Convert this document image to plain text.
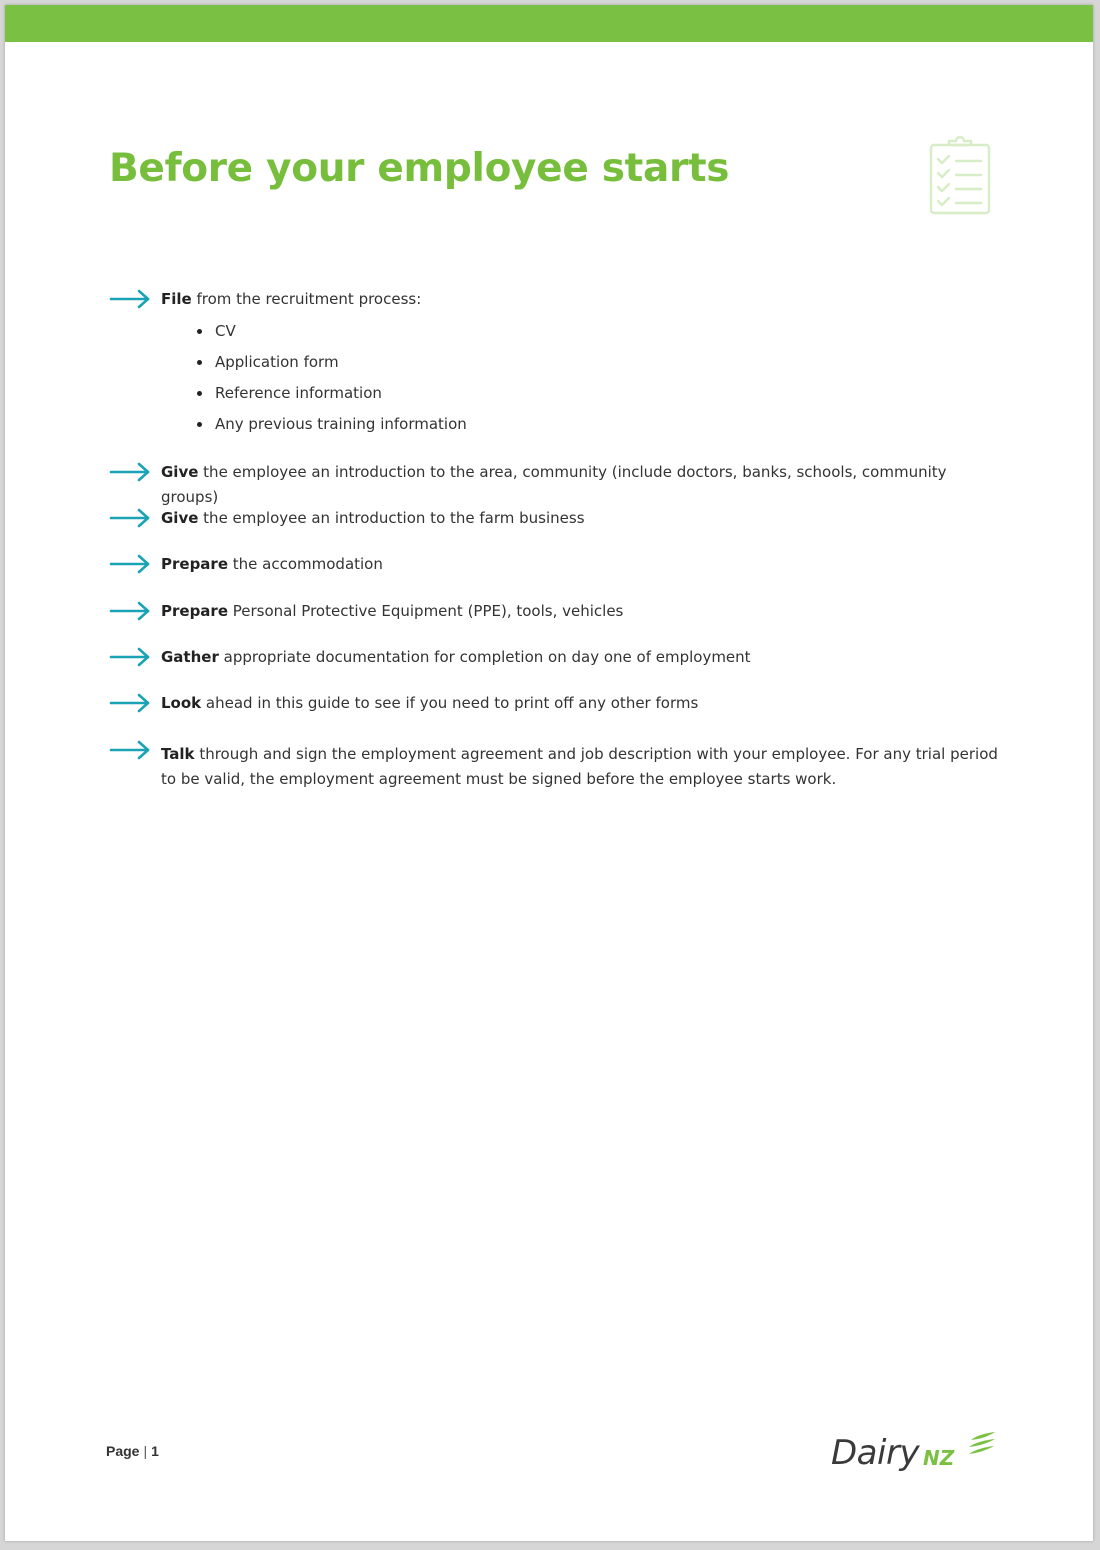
Before your employee starts
File from the recruitment process:
CV
Application form
Reference information
Any previous training information
Give the employee an introduction to the area, community (include doctors, banks, schools, community groups)
Give the employee an introduction to the farm business
Prepare the accommodation
Prepare Personal Protective Equipment (PPE), tools, vehicles
Gather appropriate documentation for completion on day one of employment
Look ahead in this guide to see if you need to print off any other forms
Talk through and sign the employment agreement and job description with your employee. For any trial period to be valid, the employment agreement must be signed before the employee starts work.
Page | 1	Dairy NZ
